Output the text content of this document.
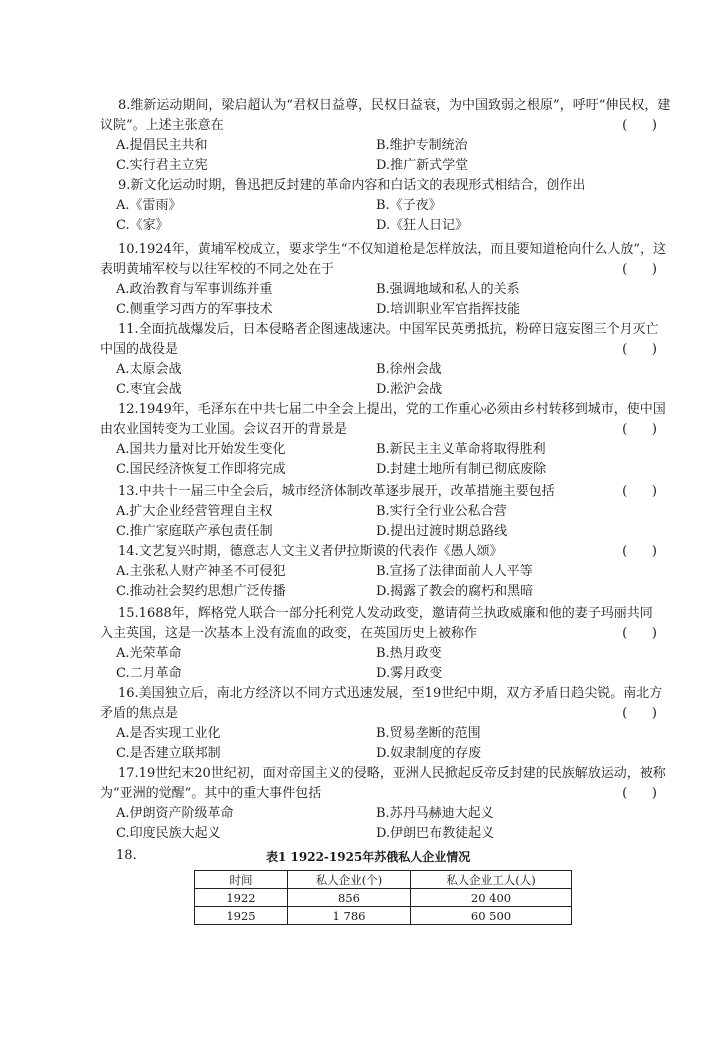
8.维新运动期间，梁启超认为“君权日益尊，民权日益衰，为中国致弱之根原”，呼吁“伸民权，建
议院”。上述主张意在	(      )
A.提倡民主共和	B.维护专制统治
C.实行君主立宪	D.推广新式学堂
9.新文化运动时期，鲁迅把反封建的革命内容和白话文的表现形式相结合，创作出
A.《雷雨》	B.《子夜》
C.《家》	D.《狂人日记》
10.1924年，黄埔军校成立，要求学生“不仅知道枪是怎样放法，而且要知道枪向什么人放”，这
表明黄埔军校与以往军校的不同之处在于	(      )
A.政治教育与军事训练并重	B.强调地域和私人的关系
C.侧重学习西方的军事技术	D.培训职业军官指挥技能
11.全面抗战爆发后，日本侵略者企图速战速决。中国军民英勇抵抗，粉碎日寇妄图三个月灭亡
中国的战役是	(      )
A.太原会战	B.徐州会战
C.枣宜会战	D.淞沪会战
12.1949年，毛泽东在中共七届二中全会上提出，党的工作重心必须由乡村转移到城市，使中国
由农业国转变为工业国。会议召开的背景是	(      )
A.国共力量对比开始发生变化	B.新民主主义革命将取得胜利
C.国民经济恢复工作即将完成	D.封建土地所有制已彻底废除
13.中共十一届三中全会后，城市经济体制改革逐步展开，改革措施主要包括	(      )
A.扩大企业经营管理自主权	B.实行全行业公私合营
C.推广家庭联产承包责任制	D.提出过渡时期总路线
14.文艺复兴时期，德意志人文主义者伊拉斯谟的代表作《愚人颂》	(      )
A.主张私人财产神圣不可侵犯	B.宣扬了法律面前人人平等
C.推动社会契约思想广泛传播	D.揭露了教会的腐朽和黑暗
15.1688年，辉格党人联合一部分托利党人发动政变，邀请荷兰执政威廉和他的妻子玛丽共同
入主英国，这是一次基本上没有流血的政变，在英国历史上被称作	(      )
A.光荣革命	B.热月政变
C.二月革命	D.雾月政变
16.美国独立后，南北方经济以不同方式迅速发展，至19世纪中期，双方矛盾日趋尖锐。南北方
矛盾的焦点是	(      )
A.是否实现工业化	B.贸易垄断的范围
C.是否建立联邦制	D.奴隶制度的存废
17.19世纪末20世纪初，面对帝国主义的侵略，亚洲人民掀起反帝反封建的民族解放运动，被称
为“亚洲的觉醒”。其中的重大事件包括	(      )
A.伊朗资产阶级革命	B.苏丹马赫迪大起义
C.印度民族大起义	D.伊朗巴布教徒起义
18.	表1 1922-1925年苏俄私人企业情况
时间	私人企业(个)	私人企业工人(人)
1922	856	20 400
1925	1 786	60 500
